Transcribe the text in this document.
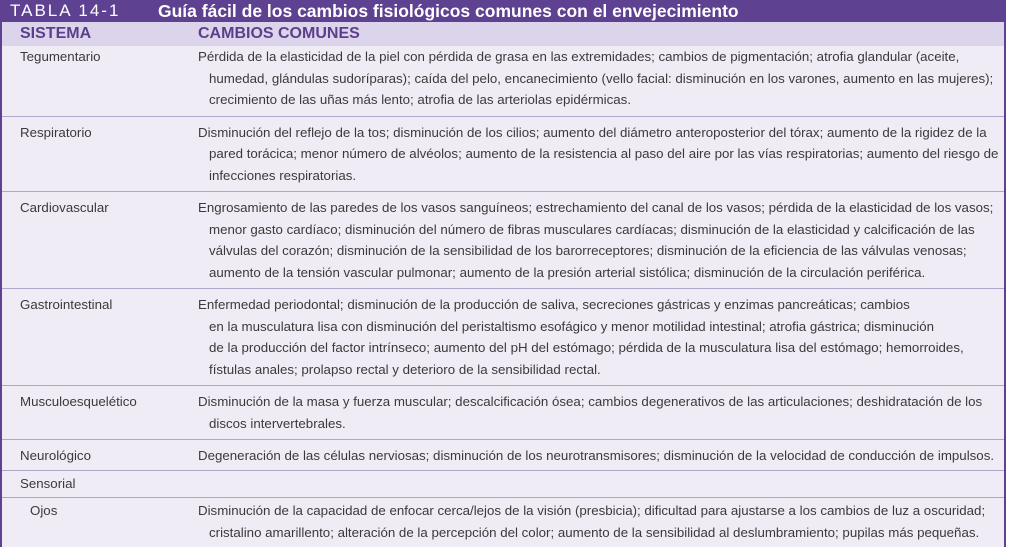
TABLA 14-1 Guía fácil de los cambios fisiológicos comunes con el envejecimiento
SISTEMA	CAMBIOS COMUNES
Tegumentario	Pérdida de la elasticidad de la piel con pérdida de grasa en las extremidades; cambios de pigmentación; atrofia glandular (aceite,
humedad, glándulas sudoríparas); caída del pelo, encanecimiento (vello facial: disminución en los varones, aumento en las mujeres);
crecimiento de las uñas más lento; atrofia de las arteriolas epidérmicas.
Respiratorio	Disminución del reflejo de la tos; disminución de los cilios; aumento del diámetro anteroposterior del tórax; aumento de la rigidez de la
pared torácica; menor número de alvéolos; aumento de la resistencia al paso del aire por las vías respiratorias; aumento del riesgo de
infecciones respiratorias.
Cardiovascular	Engrosamiento de las paredes de los vasos sanguíneos; estrechamiento del canal de los vasos; pérdida de la elasticidad de los vasos;
menor gasto cardíaco; disminución del número de fibras musculares cardíacas; disminución de la elasticidad y calcificación de las
válvulas del corazón; disminución de la sensibilidad de los barorreceptores; disminución de la eficiencia de las válvulas venosas;
aumento de la tensión vascular pulmonar; aumento de la presión arterial sistólica; disminución de la circulación periférica.
Gastrointestinal	Enfermedad periodontal; disminución de la producción de saliva, secreciones gástricas y enzimas pancreáticas; cambios
en la musculatura lisa con disminución del peristaltismo esofágico y menor motilidad intestinal; atrofia gástrica; disminución
de la producción del factor intrínseco; aumento del pH del estómago; pérdida de la musculatura lisa del estómago; hemorroides,
fístulas anales; prolapso rectal y deterioro de la sensibilidad rectal.
Musculoesquelético	Disminución de la masa y fuerza muscular; descalcificación ósea; cambios degenerativos de las articulaciones; deshidratación de los
discos intervertebrales.
Neurológico	Degeneración de las células nerviosas; disminución de los neurotransmisores; disminución de la velocidad de conducción de impulsos.
Sensorial
Ojos	Disminución de la capacidad de enfocar cerca/lejos de la visión (presbicia); dificultad para ajustarse a los cambios de luz a oscuridad;
cristalino amarillento; alteración de la percepción del color; aumento de la sensibilidad al deslumbramiento; pupilas más pequeñas.
